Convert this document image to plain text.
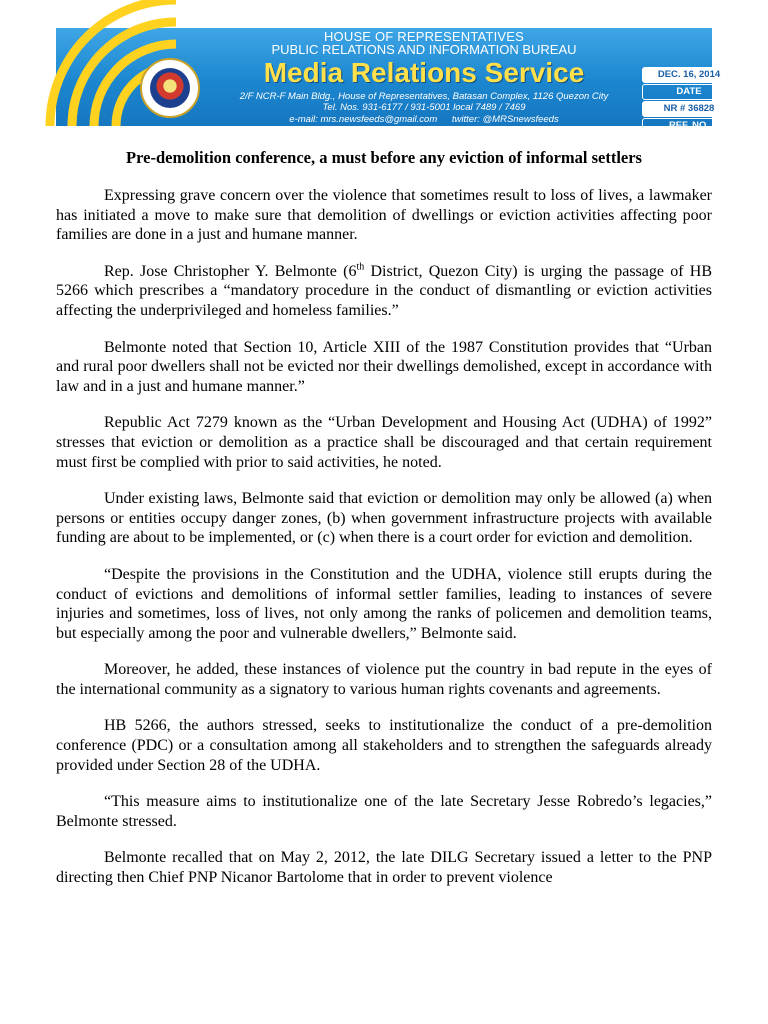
HOUSE OF REPRESENTATIVES
PUBLIC RELATIONS AND INFORMATION BUREAU
Media Relations Service
2/F NCR-F Main Bldg., House of Representatives, Batasan Complex, 1126 Quezon City
Tel. Nos. 931-6177 / 931-5001 local 7489 / 7469
e-mail: mrs.newsfeeds@gmail.com twitter: @MRSnewsfeeds
DEC. 16, 2014
DATE
NR # 36828
REF. NO.
Pre-demolition conference, a must before any eviction of informal settlers

Expressing grave concern over the violence that sometimes result to loss of lives, a lawmaker has initiated a move to make sure that demolition of dwellings or eviction activities affecting poor families are done in a just and humane manner.

Rep. Jose Christopher Y. Belmonte (6th District, Quezon City) is urging the passage of HB 5266 which prescribes a “mandatory procedure in the conduct of dismantling or eviction activities affecting the underprivileged and homeless families.”

Belmonte noted that Section 10, Article XIII of the 1987 Constitution provides that “Urban and rural poor dwellers shall not be evicted nor their dwellings demolished, except in accordance with law and in a just and humane manner.”

Republic Act 7279 known as the “Urban Development and Housing Act (UDHA) of 1992” stresses that eviction or demolition as a practice shall be discouraged and that certain requirement must first be complied with prior to said activities, he noted.

Under existing laws, Belmonte said that eviction or demolition may only be allowed (a) when persons or entities occupy danger zones, (b) when government infrastructure projects with available funding are about to be implemented, or (c) when there is a court order for eviction and demolition.

“Despite the provisions in the Constitution and the UDHA, violence still erupts during the conduct of evictions and demolitions of informal settler families, leading to instances of severe injuries and sometimes, loss of lives, not only among the ranks of policemen and demolition teams, but especially among the poor and vulnerable dwellers,” Belmonte said.

Moreover, he added, these instances of violence put the country in bad repute in the eyes of the international community as a signatory to various human rights covenants and agreements.

HB 5266, the authors stressed, seeks to institutionalize the conduct of a pre-demolition conference (PDC) or a consultation among all stakeholders and to strengthen the safeguards already provided under Section 28 of the UDHA.

“This measure aims to institutionalize one of the late Secretary Jesse Robredo’s legacies,” Belmonte stressed.

Belmonte recalled that on May 2, 2012, the late DILG Secretary issued a letter to the PNP directing then Chief PNP Nicanor Bartolome that in order to prevent violence
